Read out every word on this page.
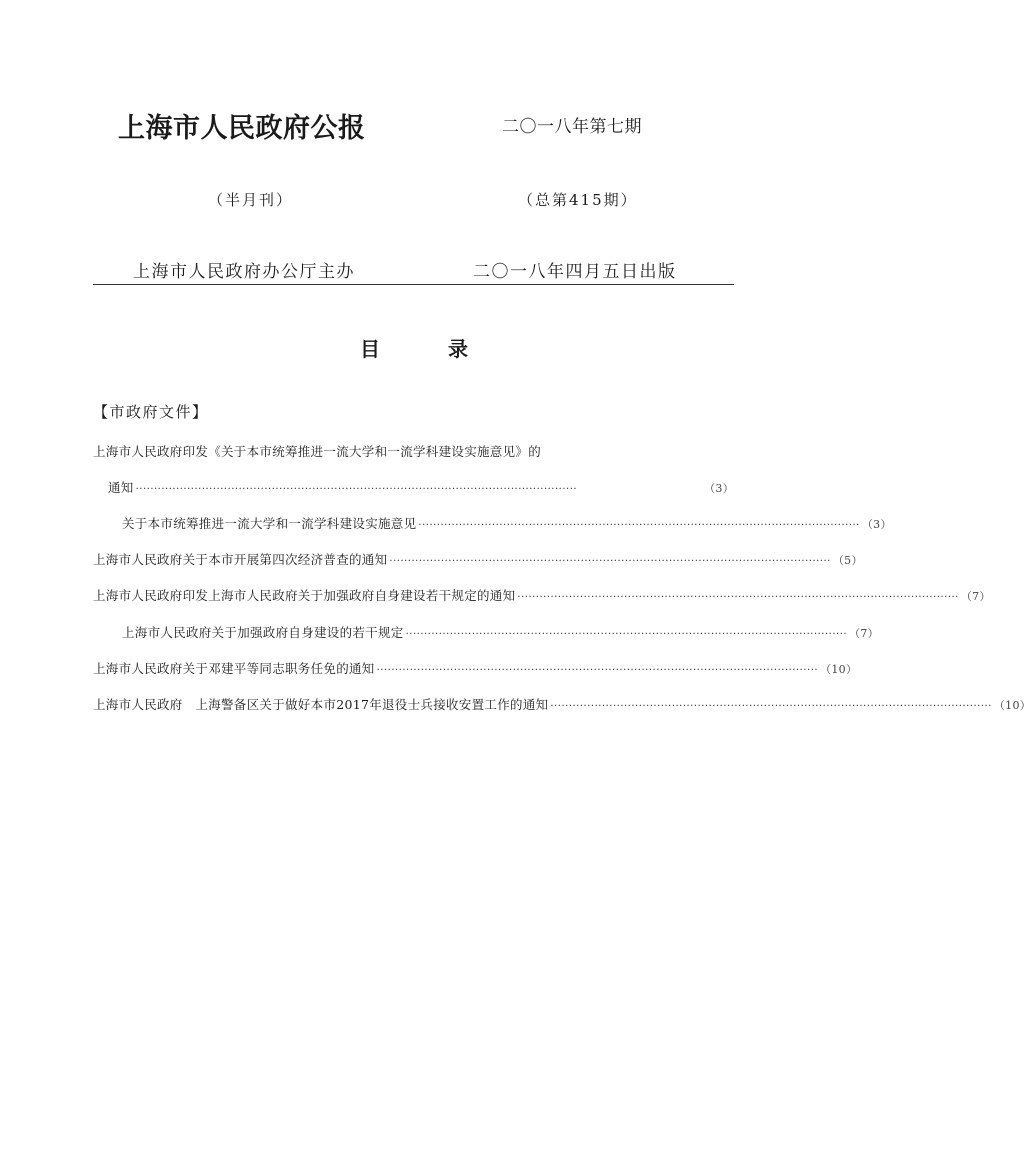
上海市人民政府公报	二〇一八年第七期
（半月刊）	（总第415期）
上海市人民政府办公厅主办	二〇一八年四月五日出版
目	录
【市政府文件】
上海市人民政府印发《关于本市统筹推进一流大学和一流学科建设实施意见》的
通知 ························································································································	（3）
关于本市统筹推进一流大学和一流学科建设实施意见 ························································································································ （3）
上海市人民政府关于本市开展第四次经济普查的通知 ························································································································ （5）
上海市人民政府印发上海市人民政府关于加强政府自身建设若干规定的通知 ························································································································ （7）
上海市人民政府关于加强政府自身建设的若干规定 ························································································································ （7）
上海市人民政府关于邓建平等同志职务任免的通知 ························································································································ （10）
上海市人民政府　上海警备区关于做好本市2017年退役士兵接收安置工作的通知 ························································································································ （10）
